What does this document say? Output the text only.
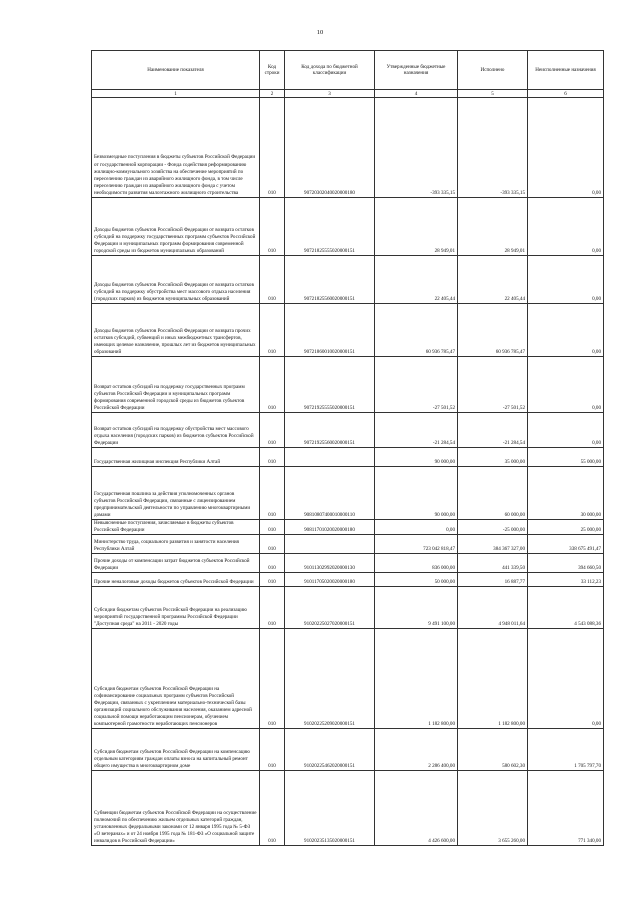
10
Наименование показателя	Код строки	Код дохода по бюджетной классификации	Утвержденные бюджетные назначения	Исполнено	Неисполненные назначения
1	2	3	4	5	6
Безвозмездные поступления в бюджеты субъектов Российской Федерации от государственной корпорации - Фонда содействия реформированию жилищно-коммунального хозяйства на обеспечение мероприятий по переселению граждан из аварийного жилищного фонда, в том числе переселению граждан из аварийного жилищного фонда с учетом необходимости развития малоэтажного жилищного строительства	010	90720302040020000180	-393 335,15	-393 335,15	0,00
Доходы бюджетов субъектов Российской Федерации от возврата остатков субсидий на поддержку государственных программ субъектов Российской Федерации и муниципальных программ формирования современной городской среды из бюджетов муниципальных образований	010	90721825555020000151	28 949,01	28 949,01	0,00
Доходы бюджетов субъектов Российской Федерации от возврата остатков субсидий на поддержку обустройства мест массового отдыха населения (городских парков) из бюджетов муниципальных образований	010	90721825560020000151	22 405,44	22 405,44	0,00
Доходы бюджетов субъектов Российской Федерации от возврата прочих остатков субсидий, субвенций и иных межбюджетных трансфертов, имеющих целевое назначение, прошлых лет из бюджетов муниципальных образований	010	90721860010020000151	60 936 785,47	60 936 785,47	0,00
Возврат остатков субсидий на поддержку государственных программ субъектов Российской Федерации и муниципальных программ формирования современной городской среды из бюджетов субъектов Российской Федерации	010	90721925555020000151	-27 501,52	-27 501,52	0,00
Возврат остатков субсидий на поддержку обустройства мест массового отдыха населения (городских парков) из бюджетов субъектов Российской Федерации	010	90721925560020000151	-21 284,54	-21 284,54	0,00
Государственная жилищная инспекция Республики Алтай	010		90 000,00	35 000,00	55 000,00
Государственная пошлина за действия уполномоченных органов субъектов Российской Федерации, связанные с лицензированием предпринимательской деятельности по управлению многоквартирными домами	010	90810807400010000110	90 000,00	60 000,00	30 000,00
Невыясненные поступления, зачисляемые в бюджеты субъектов Российской Федерации	010	90811701020020000180	0,00	-25 000,00	25 000,00
Министерство труда, социального развития и занятости населения Республики Алтай	010		723 042 818,47	384 367 327,00	338 675 491,47
Прочие доходы от компенсации затрат бюджетов субъектов Российской Федерации	010	91011302992020000130	836 000,00	441 339,50	394 660,50
Прочие неналоговые доходы бюджетов субъектов Российской Федерации	010	91011705020020000180	50 000,00	16 887,77	33 112,23
Субсидии бюджетам субъектов Российской Федерации на реализацию мероприятий государственной программы Российской Федерации "Доступная среда" на 2011 - 2020 годы	010	91020225027020000151	9 491 100,00	4 948 011,64	4 543 088,36
Субсидия бюджетам субъектов Российской Федерации на софинансирование социальных программ субъектов Российской Федерации, связанных с укреплением материально-технической базы организаций социального обслуживания населения, оказанием адресной социальной помощи неработающим пенсионерам, обучением компьютерной грамотности неработающих пенсионеров	010	91020225209020000151	1 182 800,00	1 182 800,00	0,00
Субсидия бюджетам субъектов Российской Федерации на компенсацию отдельным категориям граждан оплаты взноса на капитальный ремонт общего имущества в многоквартирном доме	010	91020225462020000151	2 286 400,00	580 602,30	1 705 797,70
Субвенции бюджетам субъектов Российской Федерации на осуществление полномочий по обеспечению жильем отдельных категорий граждан, установленных федеральными законами от 12 января 1995 года № 5-ФЗ «О ветеранах» и от 24 ноября 1995 года № 181-ФЗ «О социальной защите инвалидов в Российской Федерации»	010	91020235135020000151	4 426 600,00	3 655 260,00	771 340,00
